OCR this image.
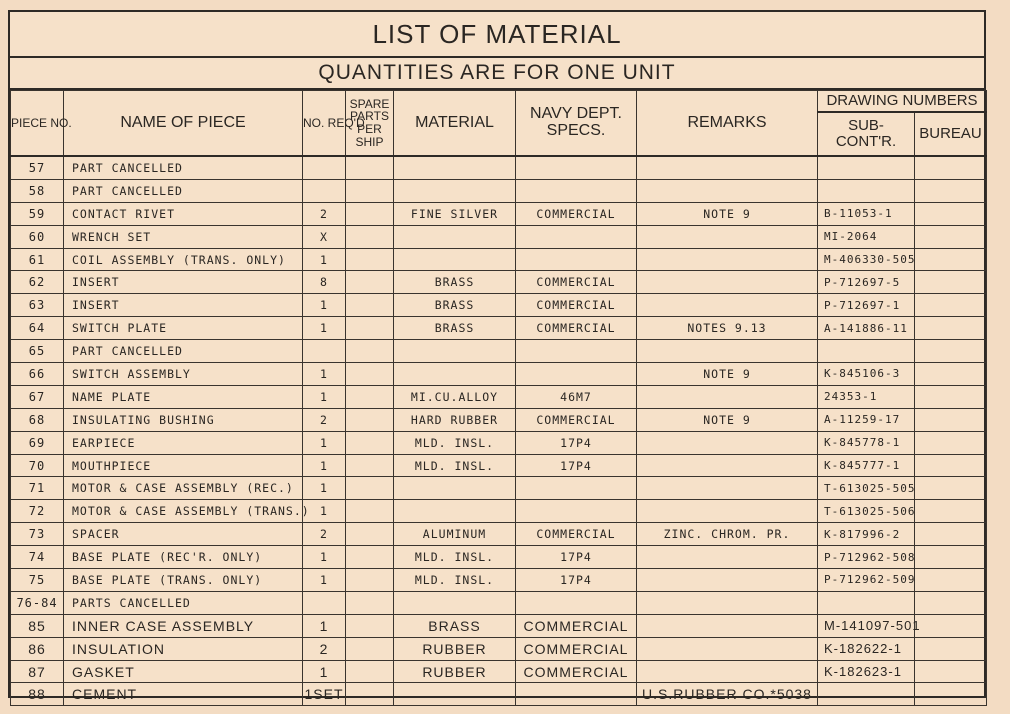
LIST OF MATERIAL
QUANTITIES ARE FOR ONE UNIT
PIECE NO.	NAME OF PIECE	NO. REQ'D	SPARE PARTS PER SHIP	MATERIAL	NAVY DEPT. SPECS.	REMARKS	DRAWING NUMBERS	
							SUB-CONT'R.	BUREAU
57	PART CANCELLED							
58	PART CANCELLED							
59	CONTACT RIVET	2		FINE SILVER	COMMERCIAL	NOTE 9	B-11053-1	
60	WRENCH SET	X					MI-2064	
61	COIL ASSEMBLY (TRANS. ONLY)	1					M-406330-505	
62	INSERT	8		BRASS	COMMERCIAL		P-712697-5	
63	INSERT	1		BRASS	COMMERCIAL		P-712697-1	
64	SWITCH PLATE	1		BRASS	COMMERCIAL	NOTES 9.13	A-141886-11	
65	PART CANCELLED							
66	SWITCH ASSEMBLY	1				NOTE 9	K-845106-3	
67	NAME PLATE	1		MI.CU.ALLOY	46M7		24353-1	
68	INSULATING BUSHING	2		HARD RUBBER	COMMERCIAL	NOTE 9	A-11259-17	
69	EARPIECE	1		MLD. INSL.	17P4		K-845778-1	
70	MOUTHPIECE	1		MLD. INSL.	17P4		K-845777-1	
71	MOTOR & CASE ASSEMBLY (REC.)	1					T-613025-505	
72	MOTOR & CASE ASSEMBLY (TRANS.)	1					T-613025-506	
73	SPACER	2		ALUMINUM	COMMERCIAL	ZINC. CHROM. PR.	K-817996-2	
74	BASE PLATE (REC'R. ONLY)	1		MLD. INSL.	17P4		P-712962-508	
75	BASE PLATE (TRANS. ONLY)	1		MLD. INSL.	17P4		P-712962-509	
76-84	PARTS CANCELLED							
85	INNER CASE ASSEMBLY	1		BRASS	COMMERCIAL		M-141097-501	
86	INSULATION	2		RUBBER	COMMERCIAL		K-182622-1	
87	GASKET	1		RUBBER	COMMERCIAL		K-182623-1	
88	CEMENT	1SET				U.S.RUBBER CO.*5038		
